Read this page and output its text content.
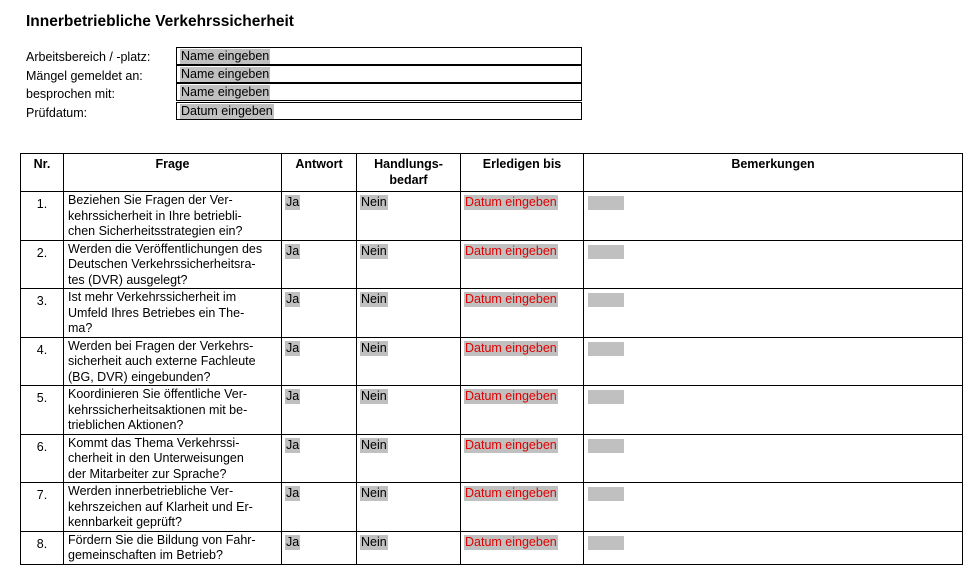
Innerbetriebliche Verkehrssicherheit
Arbeitsbereich / -platz:	Name eingeben
Mängel gemeldet an:	Name eingeben
besprochen mit:	Name eingeben
Prüfdatum:	Datum eingeben
Nr.	Frage	Antwort	Handlungs-
bedarf	Erledigen bis	Bemerkungen
1.	Beziehen Sie Fragen der Ver-
kehrssicherheit in Ihre betriebli-
chen Sicherheitsstrategien ein?	Ja	Nein	Datum eingeben	
2.	Werden die Veröffentlichungen des
Deutschen Verkehrssicherheitsra-
tes (DVR) ausgelegt?	Ja	Nein	Datum eingeben	
3.	Ist mehr Verkehrssicherheit im
Umfeld Ihres Betriebes ein The-
ma?	Ja	Nein	Datum eingeben	
4.	Werden bei Fragen der Verkehrs-
sicherheit auch externe Fachleute
(BG, DVR) eingebunden?	Ja	Nein	Datum eingeben	
5.	Koordinieren Sie öffentliche Ver-
kehrssicherheitsaktionen mit be-
trieblichen Aktionen?	Ja	Nein	Datum eingeben	
6.	Kommt das Thema Verkehrssi-
cherheit in den Unterweisungen
der Mitarbeiter zur Sprache?	Ja	Nein	Datum eingeben	
7.	Werden innerbetriebliche Ver-
kehrszeichen auf Klarheit und Er-
kennbarkeit geprüft?	Ja	Nein	Datum eingeben	
8.	Fördern Sie die Bildung von Fahr-
gemeinschaften im Betrieb?	Ja	Nein	Datum eingeben	
